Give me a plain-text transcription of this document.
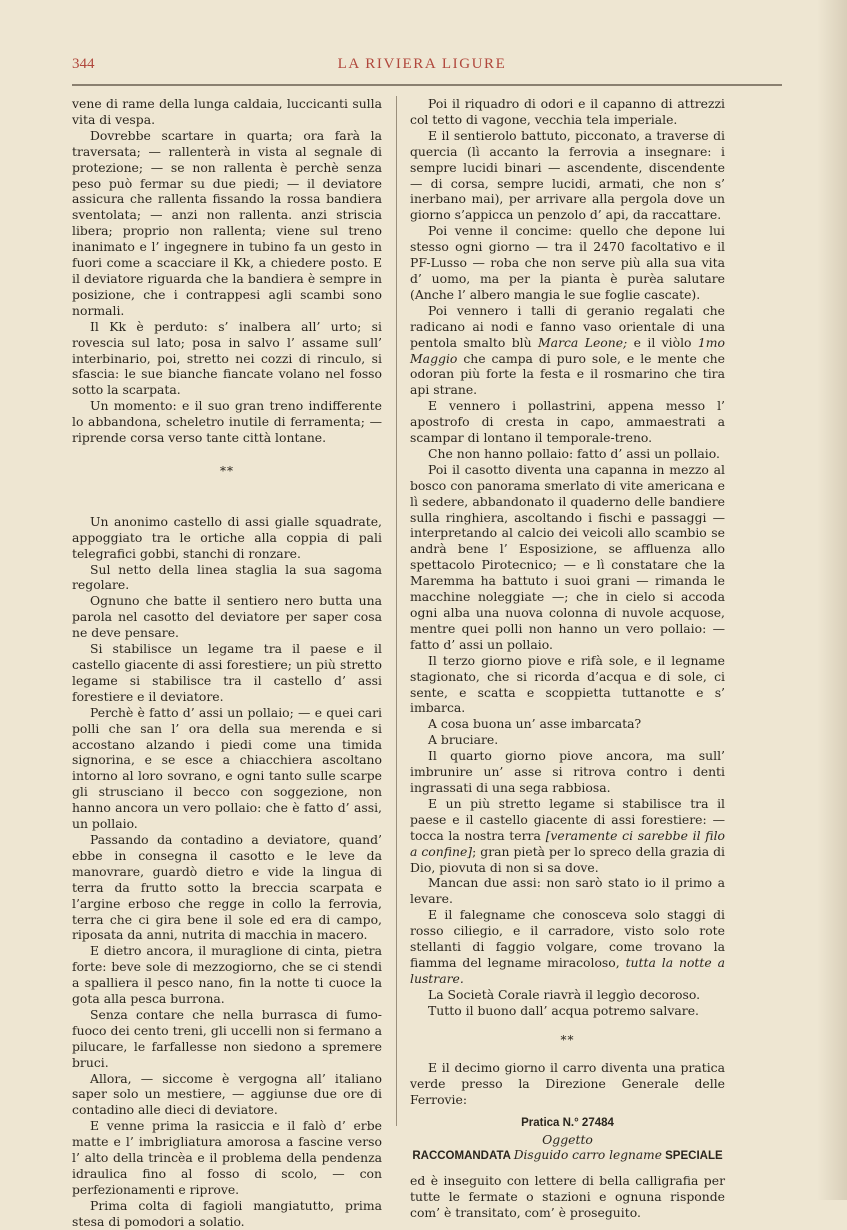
344	LA RIVIERA LIGURE

vene di rame della lunga caldaia, luccicanti sulla vita di vespa.

Dovrebbe scartare in quarta; ora farà la traversata; — rallenterà in vista al segnale di protezione; — se non rallenta è perchè senza peso può fermar su due piedi; — il deviatore assicura che rallenta fissando la rossa bandiera sventolata; — anzi non rallenta. anzi striscia libera; proprio non rallenta; viene sul treno inanimato e l’ ingegnere in tubino fa un gesto in fuori come a scacciare il Kk, a chiedere posto. E il deviatore riguarda che la bandiera è sempre in posizione, che i contrappesi agli scambi sono normali.

Il Kk è perduto: s’ inalbera all’ urto; si rovescia sul lato; posa in salvo l’ assame sull’ interbinario, poi, stretto nei cozzi di rinculo, si sfascia: le sue bianche fiancate volano nel fosso sotto la scarpata.

Un momento: e il suo gran treno indifferente lo abbandona, scheletro inutile di ferramenta; — riprende corsa verso tante città lontane.

**

Un anonimo castello di assi gialle squadrate, appoggiato tra le ortiche alla coppia di pali telegrafici gobbi, stanchi di ronzare.

Sul netto della linea staglia la sua sagoma regolare.

Ognuno che batte il sentiero nero butta una parola nel casotto del deviatore per saper cosa ne deve pensare.

Si stabilisce un legame tra il paese e il castello giacente di assi forestiere; un più stretto legame si stabilisce tra il castello d’ assi forestiere e il deviatore.

Perchè è fatto d’ assi un pollaio; — e quei cari polli che san l’ ora della sua merenda e si accostano alzando i piedi come una timida signorina, e se esce a chiacchiera ascoltano intorno al loro sovrano, e ogni tanto sulle scarpe gli strusciano il becco con soggezione, non hanno ancora un vero pollaio: che è fatto d’ assi, un pollaio.

Passando da contadino a deviatore, quand’ ebbe in consegna il casotto e le leve da manovrare, guardò dietro e vide la lingua di terra da frutto sotto la breccia scarpata e l’argine erboso che regge in collo la ferrovia, terra che ci gira bene il sole ed era di campo, riposata da anni, nutrita di macchia in macero.

E dietro ancora, il muraglione di cinta, pietra forte: beve sole di mezzogiorno, che se ci stendi a spalliera il pesco nano, fin la notte ti cuoce la gota alla pesca burrona.

Senza contare che nella burrasca di fumo-fuoco dei cento treni, gli uccelli non si fermano a pilucare, le farfallesse non siedono a spremere bruci.

Allora, — siccome è vergogna all’ italiano saper solo un mestiere, — aggiunse due ore di contadino alle dieci di deviatore.

E venne prima la rasiccia e il falò d’ erbe matte e l’ imbrigliatura amorosa a fascine verso l’ alto della trincèa e il problema della pendenza idraulica fino al fosso di scolo, — con perfezionamenti e riprove.

Prima colta di fagioli mangiatutto, prima stesa di pomodori a solatio.

Poi il riquadro di odori e il capanno di attrezzi col tetto di vagone, vecchia tela imperiale.

E il sentierolo battuto, picconato, a traverse di quercia (lì accanto la ferrovia a insegnare: i sempre lucidi binari — ascendente, discendente — di corsa, sempre lucidi, armati, che non s’ inerbano mai), per arrivare alla pergola dove un giorno s’appicca un penzolo d’ api, da raccattare.

Poi venne il concime: quello che depone lui stesso ogni giorno — tra il 2470 facoltativo e il PF-Lusso — roba che non serve più alla sua vita d’ uomo, ma per la pianta è purèa salutare (Anche l’ albero mangia le sue foglie cascate).

Poi vennero i talli di geranio regalati che radicano ai nodi e fanno vaso orientale di una pentola smalto blù Marca Leone; e il viòlo 1mo Maggio che campa di puro sole, e le mente che odoran più forte la festa e il rosmarino che tira api strane.

E vennero i pollastrini, appena messo l’ apostrofo di cresta in capo, ammaestrati a scampar di lontano il temporale-treno.

Che non hanno pollaio: fatto d’ assi un pollaio.

Poi il casotto diventa una capanna in mezzo al bosco con panorama smerlato di vite americana e lì sedere, abbandonato il quaderno delle bandiere sulla ringhiera, ascoltando i fischi e passaggi — interpretando al calcio dei veicoli allo scambio se andrà bene l’ Esposizione, se affluenza allo spettacolo Pirotecnico; — e lì constatare che la Maremma ha battuto i suoi grani — rimanda le macchine noleggiate —; che in cielo si accoda ogni alba una nuova colonna di nuvole acquose, mentre quei polli non hanno un vero pollaio: — fatto d’ assi un pollaio.

Il terzo giorno piove e rifà sole, e il legname stagionato, che si ricorda d’acqua e di sole, ci sente, e scatta e scoppietta tuttanotte e s’ imbarca.

A cosa buona un’ asse imbarcata?

A bruciare.

Il quarto giorno piove ancora, ma sull’ imbrunire un’ asse si ritrova contro i denti ingrassati di una sega rabbiosa.

E un più stretto legame si stabilisce tra il paese e il castello giacente di assi forestiere: — tocca la nostra terra [veramente ci sarebbe il filo a confine]; gran pietà per lo spreco della grazia di Dio, piovuta di non si sa dove.

Mancan due assi: non sarò stato io il primo a levare.

E il falegname che conosceva solo staggi di rosso ciliegio, e il carradore, visto solo rote stellanti di faggio volgare, come trovano la fiamma del legname miracoloso, tutta la notte a lustrare.

La Società Corale riavrà il leggìo decoroso.

Tutto il buono dall’ acqua potremo salvare.

**

E il decimo giorno il carro diventa una pratica verde presso la Direzione Generale delle Ferrovie:

Pratica N.° 27484
Oggetto
RACCOMANDATA Disguido carro legname SPECIALE

ed è inseguito con lettere di bella calligrafia per tutte le fermate o stazioni e ognuna risponde com’ è transitato, com’ è proseguito.
